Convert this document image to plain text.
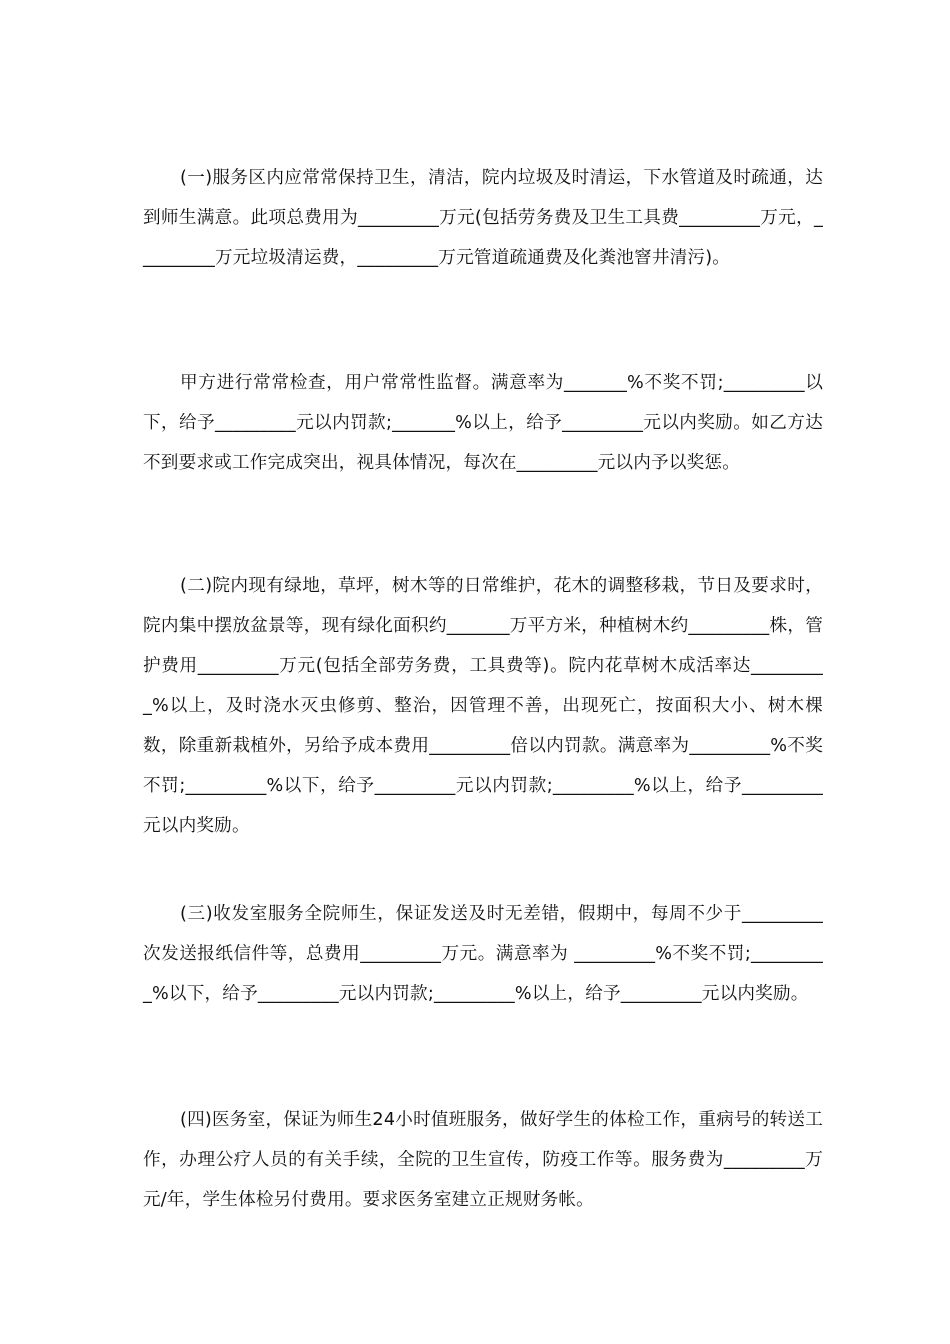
(一)服务区内应常常保持卫生，清洁，院内垃圾及时清运，下水管道及时疏通，达到师生满意。此项总费用为_________万元(包括劳务费及卫生工具费_________万元，_________万元垃圾清运费，_________万元管道疏通费及化粪池窨井清污)。

甲方进行常常检查，用户常常性监督。满意率为_______%不奖不罚;_________以下，给予_________元以内罚款;_______%以上，给予_________元以内奖励。如乙方达不到要求或工作完成突出，视具体情况，每次在_________元以内予以奖惩。

(二)院内现有绿地，草坪，树木等的日常维护，花木的调整移栽，节日及要求时，院内集中摆放盆景等，现有绿化面积约_______万平方米，种植树木约_________株，管护费用_________万元(包括全部劳务费，工具费等)。院内花草树木成活率达_________%以上，及时浇水灭虫修剪、整治，因管理不善，出现死亡，按面积大小、树木棵数，除重新栽植外，另给予成本费用_________倍以内罚款。满意率为_________%不奖不罚;_________%以下，给予_________元以内罚款;_________%以上，给予_________元以内奖励。

(三)收发室服务全院师生，保证发送及时无差错，假期中，每周不少于_________次发送报纸信件等，总费用_________万元。满意率为 _________%不奖不罚;_________%以下，给予_________元以内罚款;_________%以上，给予_________元以内奖励。

(四)医务室，保证为师生24小时值班服务，做好学生的体检工作，重病号的转送工作，办理公疗人员的有关手续，全院的卫生宣传，防疫工作等。服务费为_________万元/年，学生体检另付费用。要求医务室建立正规财务帐。
